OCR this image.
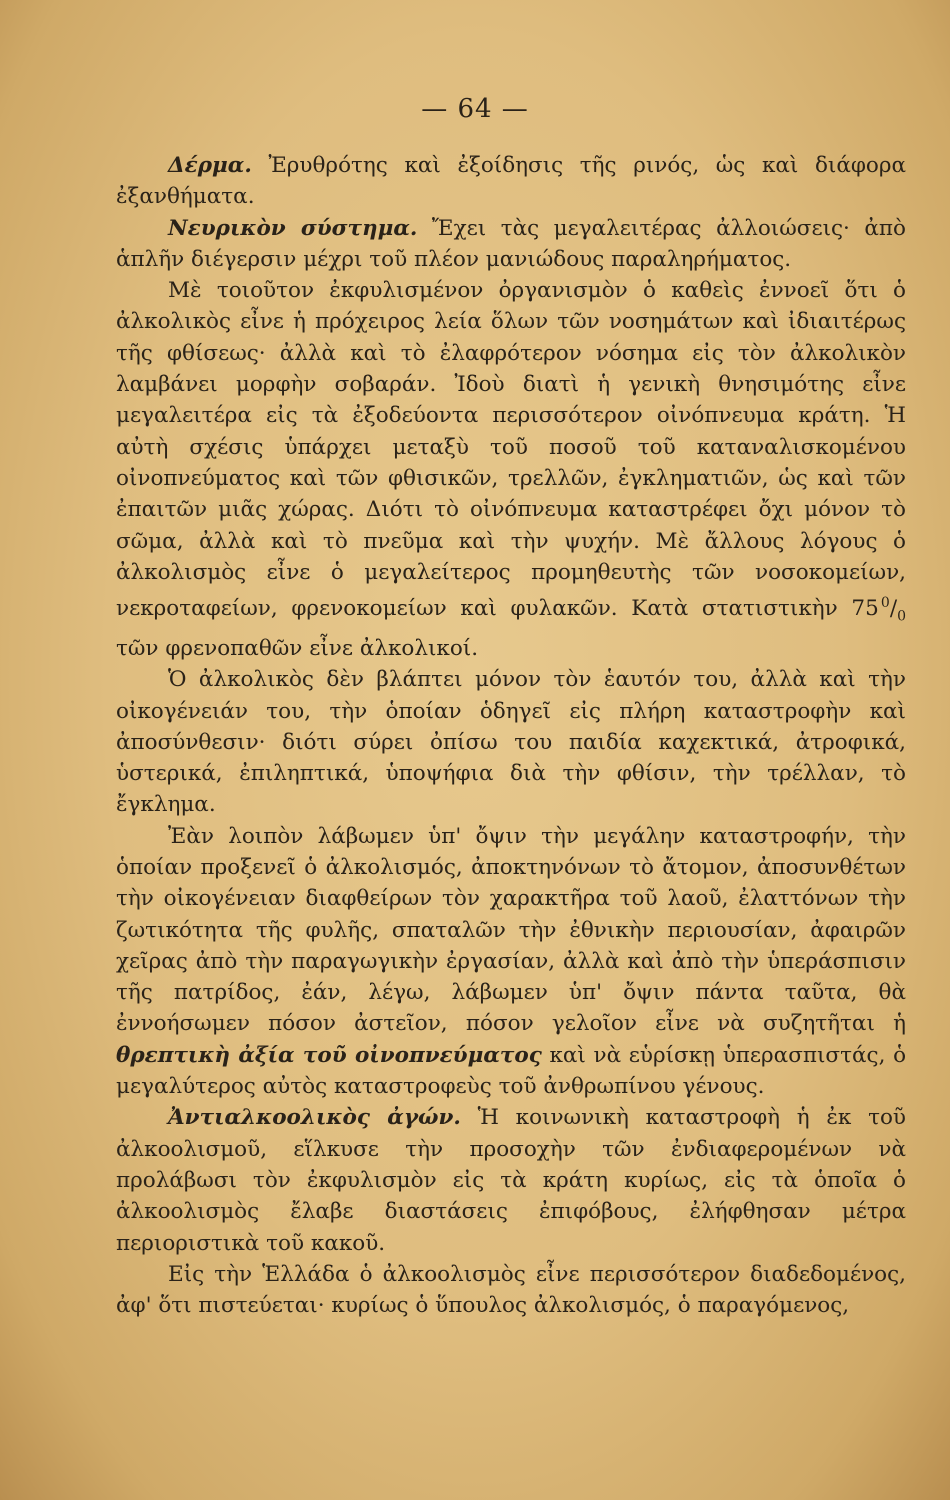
— 64 —

Δέρμα. Ἐρυθρότης καὶ ἐξοίδησις τῆς ρινός, ὡς καὶ διάφορα ἐξανθήματα.

Νευρικὸν σύστημα. Ἔχει τὰς μεγαλειτέρας ἀλλοιώσεις· ἀπὸ ἁπλῆν διέγερσιν μέχρι τοῦ πλέον μανιώδους παραληρήματος.

Μὲ τοιοῦτον ἐκφυλισμένον ὀργανισμὸν ὁ καθεὶς ἐννοεῖ ὅτι ὁ ἀλκολικὸς εἶνε ἡ πρόχειρος λεία ὅλων τῶν νοσημάτων καὶ ἰδιαιτέρως τῆς φθίσεως· ἀλλὰ καὶ τὸ ἐλαφρότερον νόσημα εἰς τὸν ἀλκολικὸν λαμβάνει μορφὴν σοβαράν. Ἰδοὺ διατὶ ἡ γενικὴ θνησιμότης εἶνε μεγαλειτέρα εἰς τὰ ἐξοδεύοντα περισσότερον οἰνόπνευμα κράτη. Ἡ αὐτὴ σχέσις ὑπάρχει μεταξὺ τοῦ ποσοῦ τοῦ καταναλισκομένου οἰνοπνεύματος καὶ τῶν φθισικῶν, τρελλῶν, ἐγκληματιῶν, ὡς καὶ τῶν ἐπαιτῶν μιᾶς χώρας. Διότι τὸ οἰνόπνευμα καταστρέφει ὄχι μόνον τὸ σῶμα, ἀλλὰ καὶ τὸ πνεῦμα καὶ τὴν ψυχήν. Μὲ ἄλλους λόγους ὁ ἀλκολισμὸς εἶνε ὁ μεγαλείτερος προμηθευτὴς τῶν νοσοκομείων, νεκροταφείων, φρενοκομείων καὶ φυλακῶν. Κατὰ στατιστικὴν 75  $^0/_0$ τῶν φρενοπαθῶν εἶνε ἀλκολικοί.

Ὁ ἀλκολικὸς δὲν βλάπτει μόνον τὸν ἑαυτόν του, ἀλλὰ καὶ τὴν οἰκογένειάν του, τὴν ὁποίαν ὁδηγεῖ εἰς πλήρη καταστροφὴν καὶ ἀποσύνθεσιν· διότι σύρει ὀπίσω του παιδία καχεκτικά, ἀτροφικά, ὑστερικά, ἐπιληπτικά, ὑποψήφια διὰ τὴν φθίσιν, τὴν τρέλλαν, τὸ ἔγκλημα.

Ἐὰν λοιπὸν λάβωμεν ὑπ' ὄψιν τὴν μεγάλην καταστροφήν, τὴν ὁποίαν προξενεῖ ὁ ἀλκολισμός, ἀποκτηνόνων τὸ ἄτομον, ἀποσυνθέτων τὴν οἰκογένειαν διαφθείρων τὸν χαρακτῆρα τοῦ λαοῦ, ἐλαττόνων τὴν ζωτικότητα τῆς φυλῆς, σπαταλῶν τὴν ἐθνικὴν περιουσίαν, ἀφαιρῶν χεῖρας ἀπὸ τὴν παραγωγικὴν ἐργασίαν, ἀλλὰ καὶ ἀπὸ τὴν ὑπεράσπισιν τῆς πατρίδος, ἐάν, λέγω, λάβωμεν ὑπ' ὄψιν πάντα ταῦτα, θὰ ἐννοήσωμεν πόσον ἀστεῖον, πόσον γελοῖον εἶνε νὰ συζητῆται ἡ θρεπτικὴ ἀξία τοῦ οἰνοπνεύματος καὶ νὰ εὑρίσκῃ ὑπερασπιστάς, ὁ μεγαλύτερος αὐτὸς καταστροφεὺς τοῦ ἀνθρωπίνου γένους.

Ἀντιαλκοολικὸς ἀγών. Ἡ κοινωνικὴ καταστροφὴ ἡ ἐκ τοῦ ἀλκοολισμοῦ, εἵλκυσε τὴν προσοχὴν τῶν ἐνδιαφερομένων νὰ προλάβωσι τὸν ἐκφυλισμὸν εἰς τὰ κράτη κυρίως, εἰς τὰ ὁποῖα ὁ ἀλκοολισμὸς ἔλαβε διαστάσεις ἐπιφόβους, ἐλήφθησαν μέτρα περιοριστικὰ τοῦ κακοῦ.

Εἰς τὴν Ἑλλάδα ὁ ἀλκοολισμὸς εἶνε περισσότερον διαδεδομένος, ἀφ' ὅτι πιστεύεται· κυρίως ὁ ὕπουλος ἀλκολισμός, ὁ παραγόμενος,
